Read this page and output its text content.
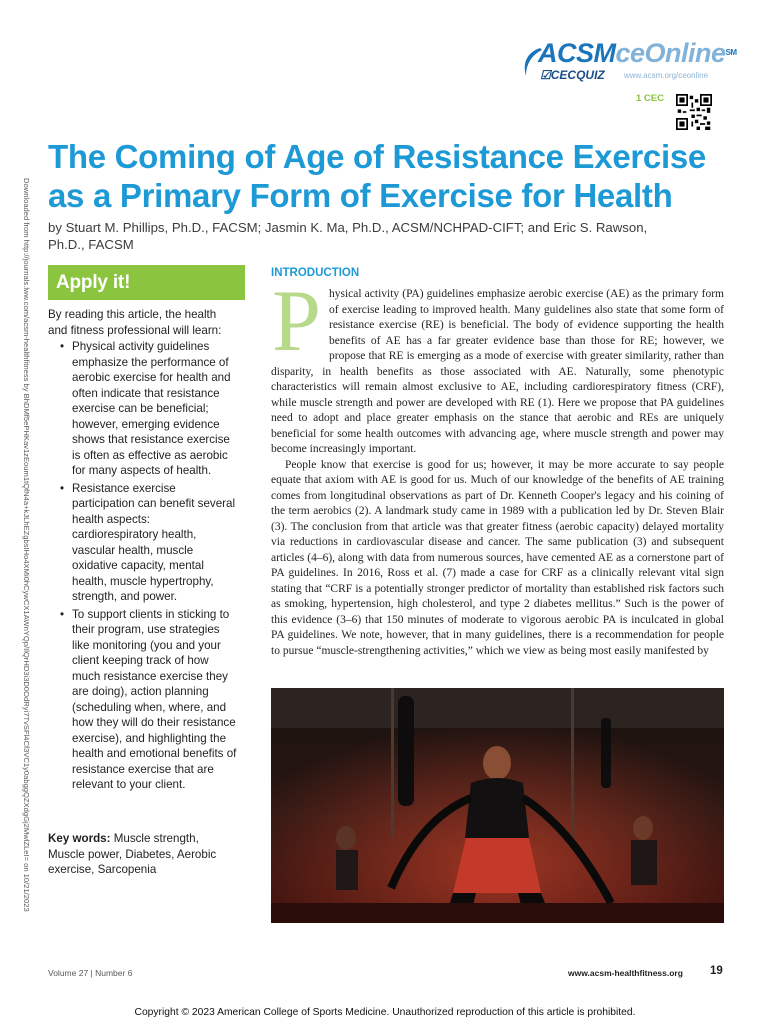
ACSMceOnline℠
☑CECQUIZ www.acsm.org/ceonline
1 CEC
Downloaded from http://journals.lww.com/acsm-healthfitness by BhDMf5ePHKav1zEoum1tQfN4a+kJLhEZgbsIHo4XMi0hCywCX1AWnYQp/IlQrHD3i3D0OdRyi7TvSFl4Cf3VC1y0abggQZXdgGj2MwlZLeI= on 10/21/2023
The Coming of Age of Resistance Exercise as a Primary Form of Exercise for Health
by Stuart M. Phillips, Ph.D., FACSM; Jasmin K. Ma, Ph.D., ACSM/NCHPAD-CIFT; and Eric S. Rawson, Ph.D., FACSM
Apply it!
By reading this article, the health and fitness professional will learn:
• Physical activity guidelines emphasize the performance of aerobic exercise for health and often indicate that resistance exercise can be beneficial; however, emerging evidence shows that resistance exercise is often as effective as aerobic for many aspects of health.
• Resistance exercise participation can benefit several health aspects: cardiorespiratory health, vascular health, muscle oxidative capacity, mental health, muscle hypertrophy, strength, and power.
• To support clients in sticking to their program, use strategies like monitoring (you and your client keeping track of how much resistance exercise they are doing), action planning (scheduling when, where, and how they will do their resistance exercise), and highlighting the health and emotional benefits of resistance exercise that are relevant to your client.
Key words: Muscle strength, Muscle power, Diabetes, Aerobic exercise, Sarcopenia
INTRODUCTION
P hysical activity (PA) guidelines emphasize aerobic exercise (AE) as the primary form of exercise leading to improved health. Many guidelines also state that some form of resistance exercise (RE) is beneficial. The body of evidence supporting the health benefits of AE has a far greater evidence base than those for RE; however, we propose that RE is emerging as a mode of exercise with greater similarity, rather than disparity, in health benefits as those associated with AE. Naturally, some phenotypic characteristics will remain almost exclusive to AE, including cardiorespiratory fitness (CRF), while muscle strength and power are developed with RE (1). Here we propose that PA guidelines need to adopt and place greater emphasis on the stance that aerobic and REs are uniquely beneficial for some health outcomes with advancing age, where muscle strength and power may become increasingly important.

People know that exercise is good for us; however, it may be more accurate to say people equate that axiom with AE is good for us. Much of our knowledge of the benefits of AE training comes from longitudinal observations as part of Dr. Kenneth Cooper's legacy and his coining of the term aerobics (2). A landmark study came in 1989 with a publication led by Dr. Steven Blair (3). The conclusion from that article was that greater fitness (aerobic capacity) delayed mortality via reductions in cardiovascular disease and cancer. The same publication (3) and subsequent articles (4–6), along with data from numerous sources, have cemented AE as a cornerstone part of PA guidelines. In 2016, Ross et al. (7) made a case for CRF as a clinically relevant vital sign stating that “CRF is a potentially stronger predictor of mortality than established risk factors such as smoking, hypertension, high cholesterol, and type 2 diabetes mellitus.” Such is the power of this evidence (3–6) that 150 minutes of moderate to vigorous aerobic PA is inculcated in global PA guidelines. We note, however, that in many guidelines, there is a recommendation for people to pursue “muscle-strengthening activities,” which we view as being most easily manifested by

Volume 27 | Number 6	www.acsm-healthfitness.org 19
Copyright © 2023 American College of Sports Medicine. Unauthorized reproduction of this article is prohibited.
